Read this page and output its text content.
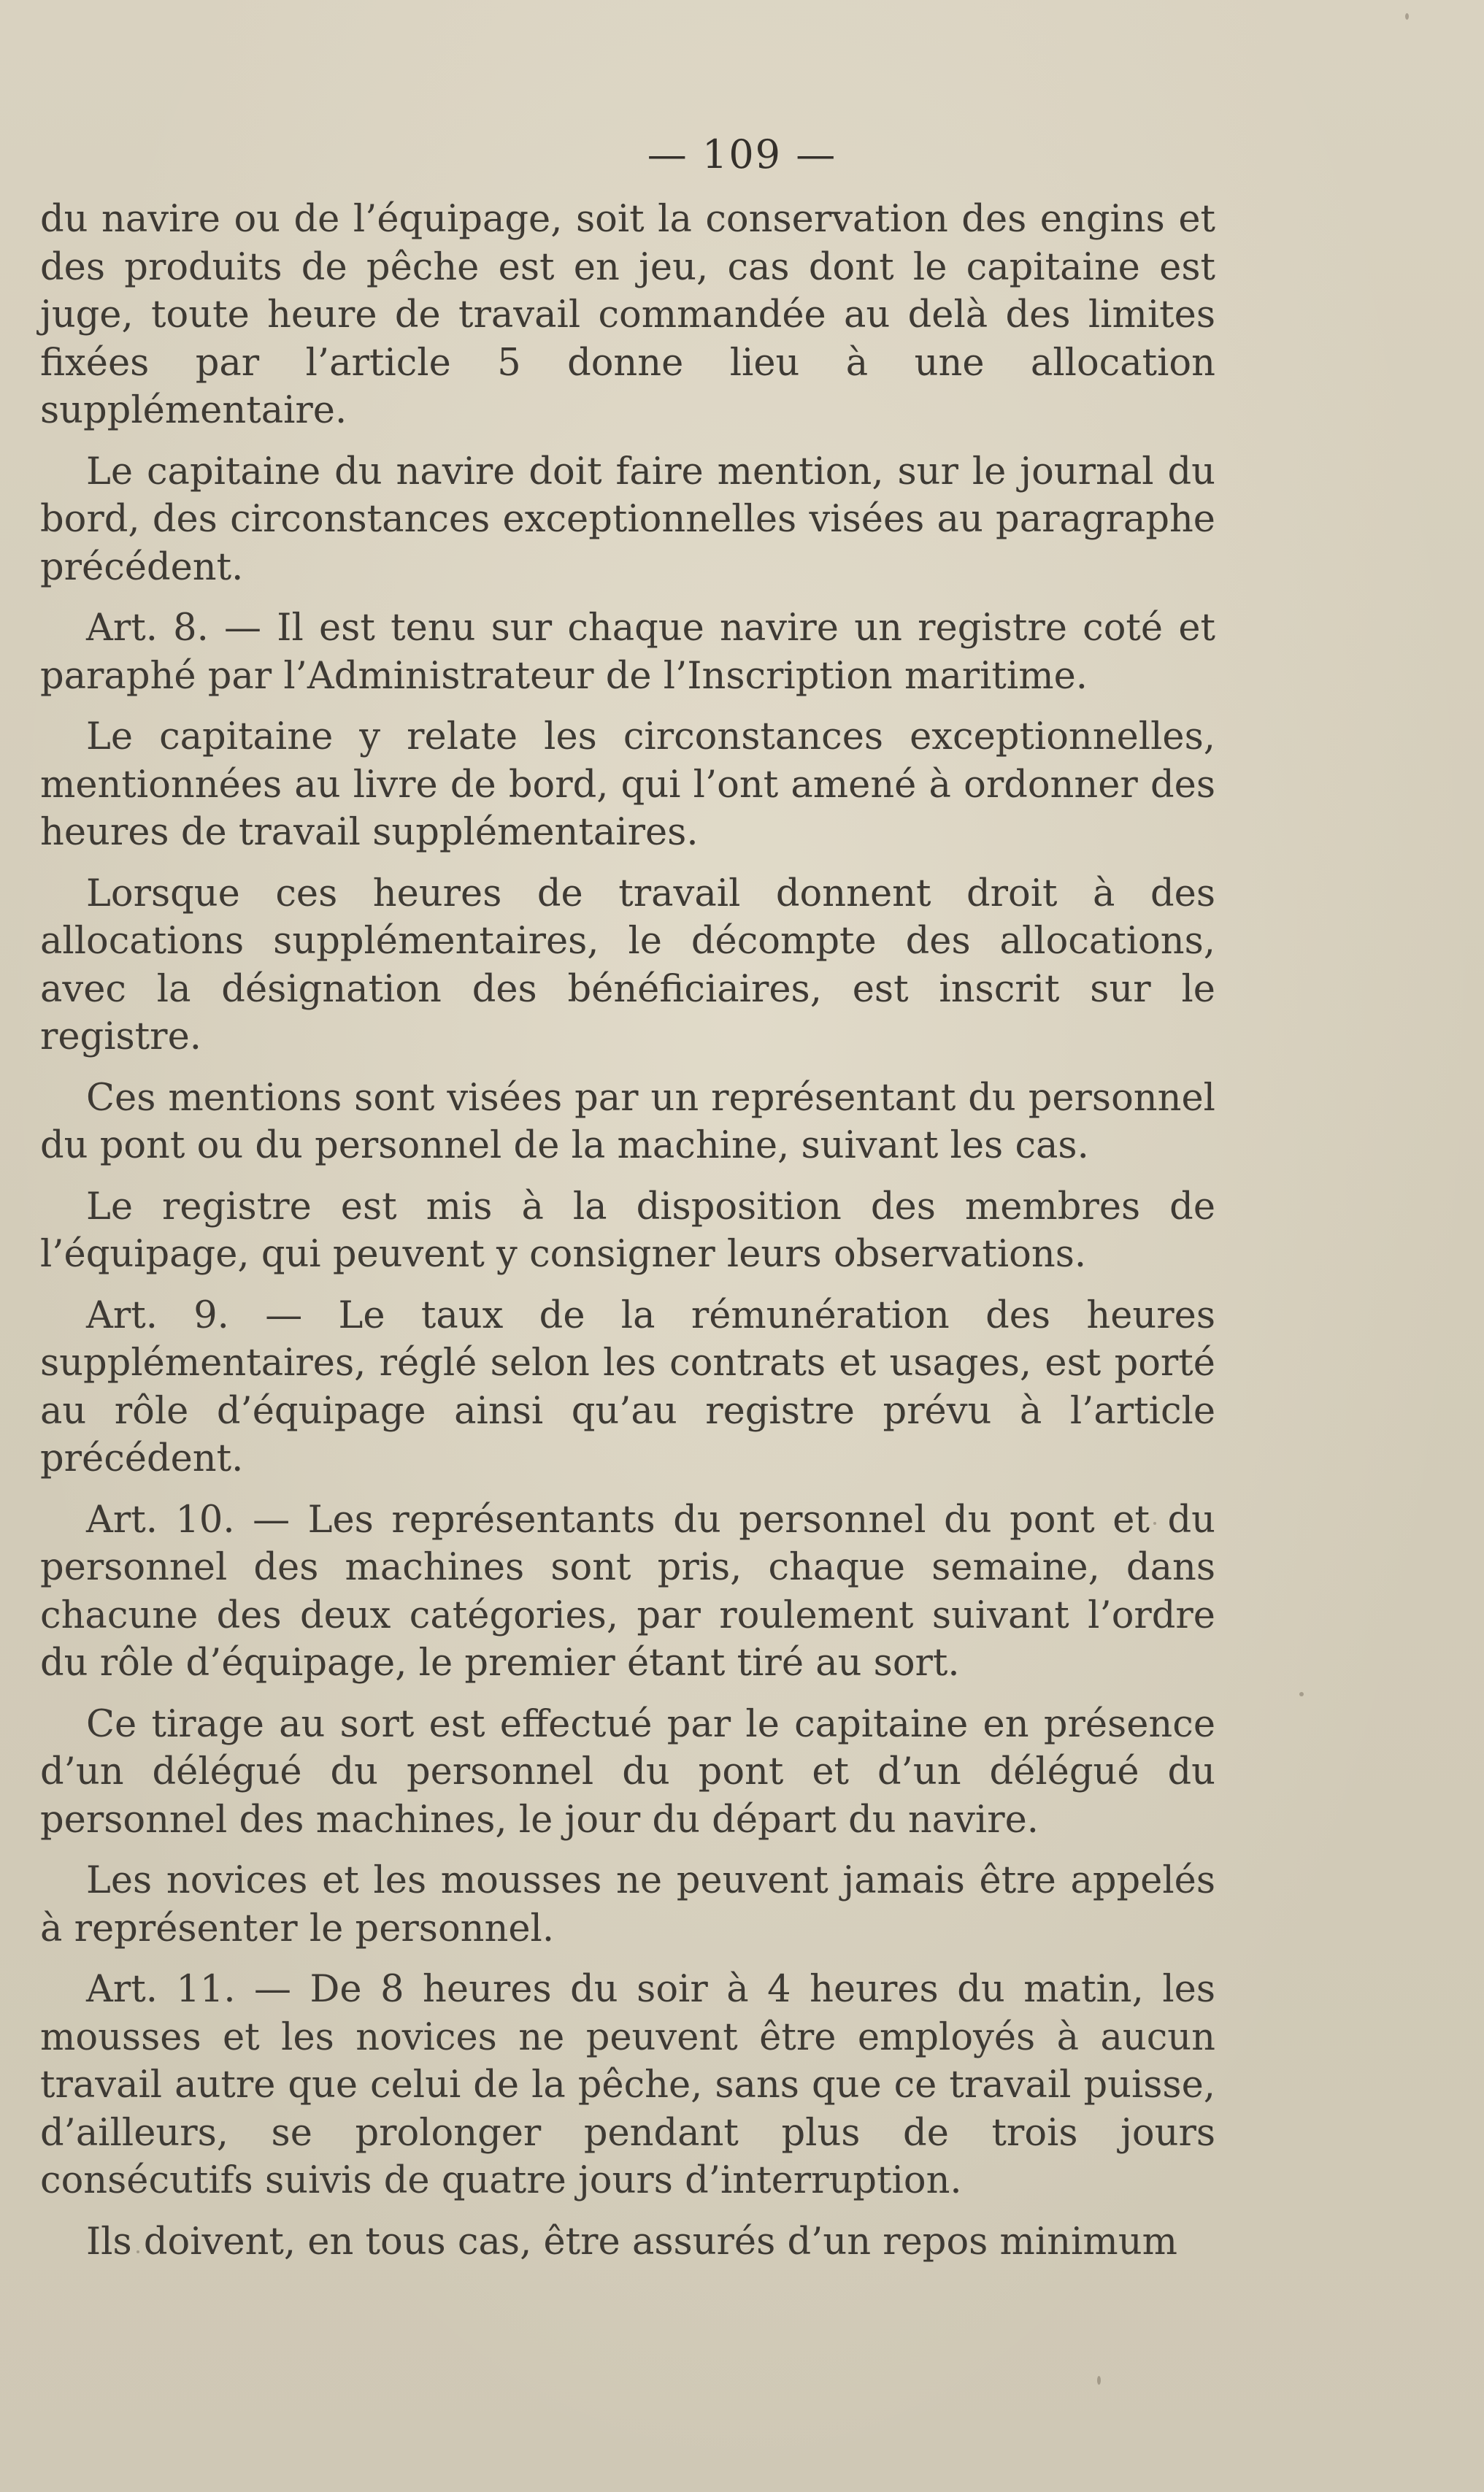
— 109 —

du navire ou de l’équipage, soit la conservation des engins et des produits de pêche est en jeu, cas dont le capitaine est juge, toute heure de travail commandée au delà des limites fixées par l’article 5 donne lieu à une allocation supplémentaire.

Le capitaine du navire doit faire mention, sur le journal du bord, des circonstances exceptionnelles visées au paragraphe précédent.

Art. 8. — Il est tenu sur chaque navire un registre coté et paraphé par l’Administrateur de l’Inscription maritime.

Le capitaine y relate les circonstances exceptionnelles, mentionnées au livre de bord, qui l’ont amené à ordonner des heures de travail supplémentaires.

Lorsque ces heures de travail donnent droit à des allocations supplémentaires, le décompte des allocations, avec la désignation des bénéficiaires, est inscrit sur le registre.

Ces mentions sont visées par un représentant du personnel du pont ou du personnel de la machine, suivant les cas.

Le registre est mis à la disposition des membres de l’équipage, qui peuvent y consigner leurs observations.

Art. 9. — Le taux de la rémunération des heures supplémentaires, réglé selon les contrats et usages, est porté au rôle d’équipage ainsi qu’au registre prévu à l’article précédent.

Art. 10. — Les représentants du personnel du pont et du personnel des machines sont pris, chaque semaine, dans chacune des deux catégories, par roulement suivant l’ordre du rôle d’équipage, le premier étant tiré au sort.

Ce tirage au sort est effectué par le capitaine en présence d’un délégué du personnel du pont et d’un délégué du personnel des machines, le jour du départ du navire.

Les novices et les mousses ne peuvent jamais être appelés à représenter le personnel.

Art. 11. — De 8 heures du soir à 4 heures du matin, les mousses et les novices ne peuvent être employés à aucun travail autre que celui de la pêche, sans que ce travail puisse, d’ailleurs, se prolonger pendant plus de trois jours consécutifs suivis de quatre jours d’interruption.

Ils doivent, en tous cas, être assurés d’un repos minimum
